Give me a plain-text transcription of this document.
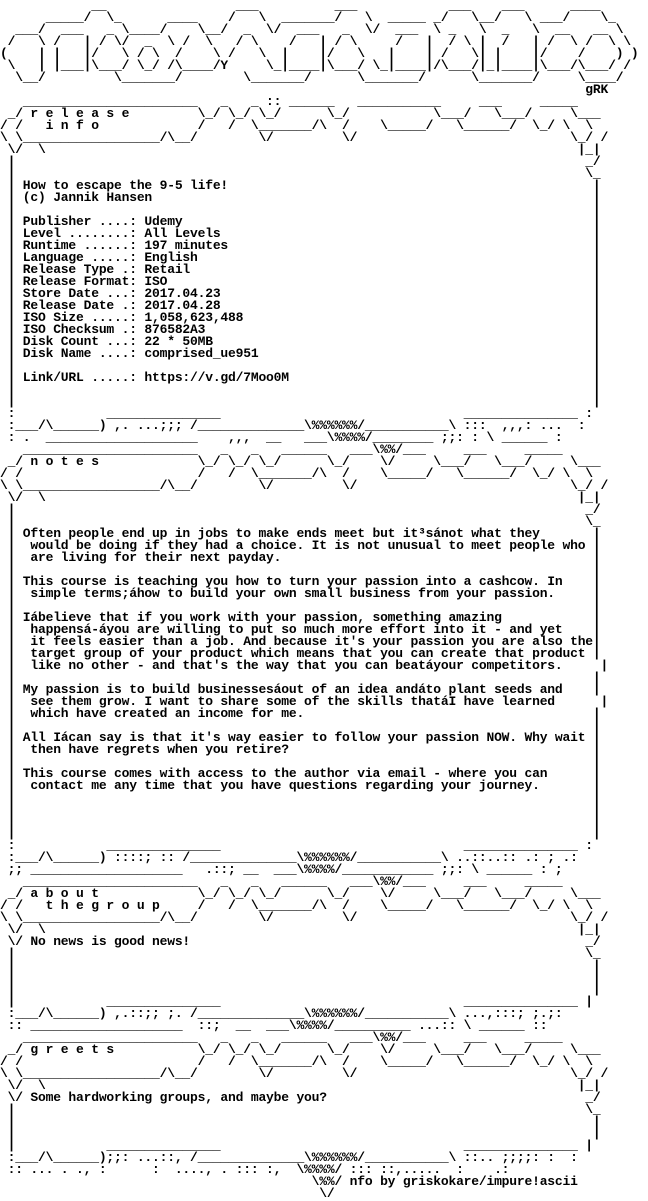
__                 ___          ___            ___    ___      ____
_____/  \_      ____    /   \  _______/   \  _____ _/   \__/   \ ___/    \_
___/  ___   _ \____/    \__/  _  \/  ___   _  \/  ___  \ _   \  _   \  __   __ \
/   \ /   | / \/  _  \ /  \   / \    /   | / \     /   |  / \ |  /   | /  \ /  \ \
(    | |   |/   \ / \  /    \ /   \  |    |/   \   |    | /   \| |    |/    /    ) )
\   | |___|\___/ \_/ /\____/Y     \_|____|\___/ \_|____|/\___/|_|____|\___/\___/ /
\__/         \_______/        \_______/      \_______/      \_______/     \____/
gRK
_______________________   _   _ :: ______   ___________     ___     _____
_/ r e l e a s e         \_/ \_/ \_/      \_/           \___/   \___/     \___
/ /   i n f o             /   /  \_______/\  /    \_____/   \______/  \_/ \  \
\ \__________________/\__/        \/         \/                            \_/ /
\/  \                                                                      |_|
|                                                                           _/
|                                                                           \_
| How to escape the 9-5 life!                                                |
| (c) Jannik Hansen                                                          |
|                                                                            |
| Publisher ....: Udemy                                                      |
| Level ........: All Levels                                                 |
| Runtime ......: 197 minutes                                                |
| Language .....: English                                                    |
| Release Type .: Retail                                                     |
| Release Format: ISO                                                        |
| Store Date ...: 2017.04.23                                                 |
| Release Date .: 2017.04.28                                                 |
| ISO Size .....: 1,058,623,488                                              |
| ISO Checksum .: 876582A3                                                   |
| Disk Count ...: 22 * 50MB                                                  |
| Disk Name ....: comprised_ue951                                            |
|                                                                            |
| Link/URL .....: https://v.gd/7Moo0M                                        |
|                                                                            |
|                                                                            |
:            _______________                                _______________ :
:___/\______) ,. ...;;; /______________\%%%%%%/___________\ :::  ,,,: ...  :
: .  ____________________    ,,,  __   ___\%%%%/________ ;;: : \ ______ :
_______________________   _   _   ______   ___\%%/___     ___     _____
_/ n o t e s             \_/ \_/ \_/      \_/    \/     \___/   \___/     \___
/ /                       /   /  \_______/\  /    \_____/   \______/  \_/ \  \
\ \__________________/\__/        \/         \/                            \_/ /
\/  \                                                                      |_|
|                                                                           _/
|                                                                           \_
| Often people end up in jobs to make ends meet but it³sánot what they       |
|  would be doing if they had a choice. It is not unusual to meet people who |
|  are living for their next payday.                                         |
|                                                                            |
| This course is teaching you how to turn your passion into a cashcow. In    |
|  simple terms;áhow to build your own small business from your passion.     |
|                                                                            |
| Iábelieve that if you work with your passion, something amazing            |
|  happensá-áyou are willing to put so much more effort into it - and yet    |
|  it feels easier than a job. And because it's your passion you are also the|
|  target group of your product which means that you can create that product |
|  like no other - and that's the way that you can beatáyour competitors.     |
|                                                                            |
| My passion is to build businessesáout of an idea andáto plant seeds and    |
|  see them grow. I want to share some of the skills thatáI have learned      |
|  which have created an income for me.                                      |
|                                                                            |
| All Iácan say is that it's way easier to follow your passion NOW. Why wait |
|  then have regrets when you retire?                                        |
|                                                                            |
| This course comes with access to the author via email - where you can      |
|  contact me any time that you have questions regarding your journey.       |
|                                                                            |
|                                                                            |
|                                                                            |
|                                                                            |
:            _______________                                _______________ :
:___/\______) ::::; :: /______________\%%%%%%/___________\ ..::..:: .: ; .:
;; ____________________   .::; __  ___\%%%%/____________ ;;: \ ______ : ;
_______________________   _   _   ______   ___\%%/___     ___     _____
_/ a b o u t             \_/ \_/ \_/      \_/    \/     \___/   \___/     \___
/ /   t h e g r o u p     /   /  \_______/\  /    \_____/   \______/  \_/ \  \
\ \__________________/\__/        \/         \/                            \_/ /
\/  \                                                                      |_|
\/ No news is good news!                                                    _/
|                                                                           \_
|                                                                            |
|                                                                            |
|                                                                            |
|            _______________                                _______________ |
:___/\______) ,.::;; ;. /______________\%%%%%%/___________\ ...,:::; ;.;:
:: ____________________  ::;  __  ___\%%%%/__________ ...:: \ ______ ::
_______________________   _   _   ______   ___\%%/___     ___     _____
_/ g r e e t s           \_/ \_/ \_/      \_/    \/     \___/   \___/     \___
/ /                       /   /  \_______/\  /    \_____/   \______/  \_/ \  \
\ \__________________/\__/        \/         \/                            \_/ /
\/  \                                                                      |_|
\/ Some hardworking groups, and maybe you?                                  _/
|                                                                           \_
|                                                                            |
|                                                                            |
|            _______________                                _______________ |
:___/\______);;: ...::, /______________\%%%%%%/___________\ ::.. ;;;;: :  :
:: ... . ., :      :  ...., . ::: :,  \%%%%/ ::: ::,.....  :    .:
\%%/ nfo by griskokare/impure!ascii
\/
